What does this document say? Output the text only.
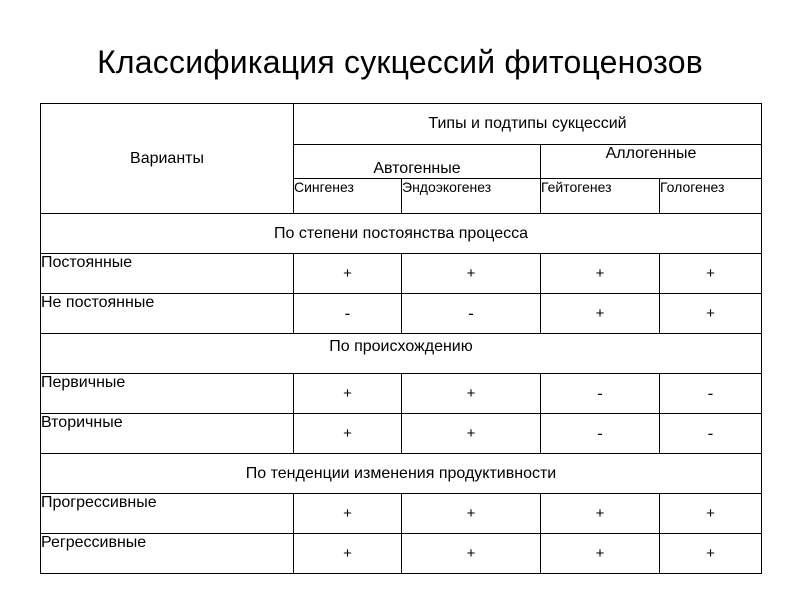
Классификация сукцессий фитоценозов
Варианты	Типы и подтипы сукцессий			
	Автогенные		Аллогенные	
	Сингенез	Эндоэкогенез	Гейтогенез	Гологенез
По степени постоянства процесса				
Постоянные	+	+	+	+
Не постоянные	-	-	+	+
По происхождению				
Первичные	+	+	-	-
Вторичные	+	+	-	-
По тенденции изменения продуктивности				
Прогрессивные	+	+	+	+
Регрессивные	+	+	+	+
